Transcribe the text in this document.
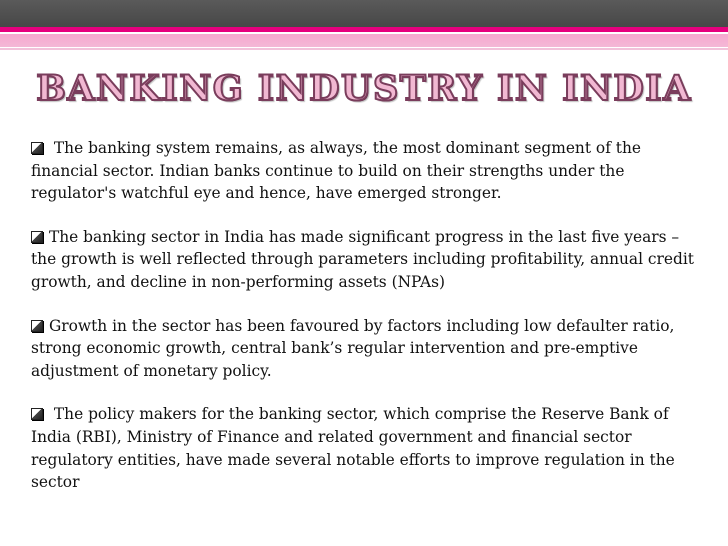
BANKING INDUSTRY IN INDIA

The banking system remains, as always, the most dominant segment of the financial sector. Indian banks continue to build on their strengths under the regulator's watchful eye and hence, have emerged stronger.

The banking sector in India has made significant progress in the last five years – the growth is well reflected through parameters including profitability, annual credit growth, and decline in non-performing assets (NPAs)

Growth in the sector has been favoured by factors including low defaulter ratio, strong economic growth, central bank’s regular intervention and pre-emptive adjustment of monetary policy.

The policy makers for the banking sector, which comprise the Reserve Bank of India (RBI), Ministry of Finance and related government and financial sector regulatory entities, have made several notable efforts to improve regulation in the sector
